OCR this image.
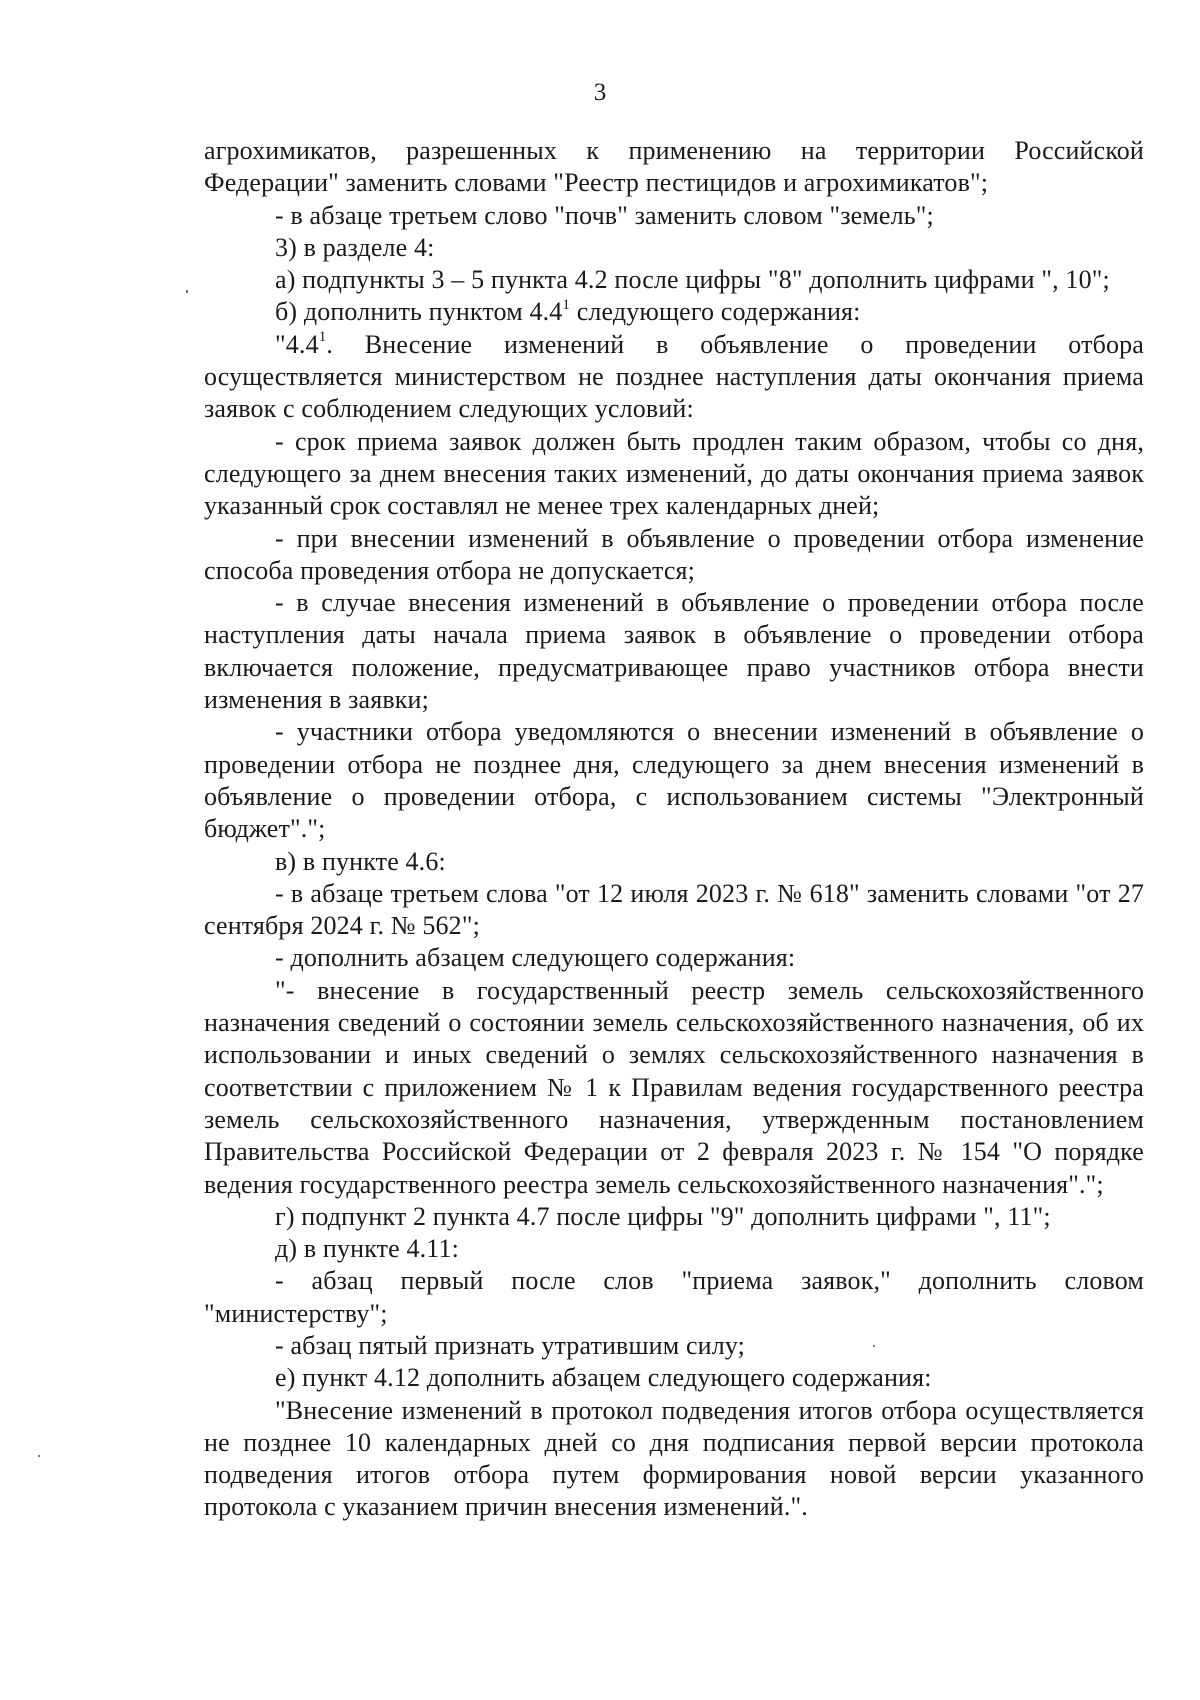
3

агрохимикатов, разрешенных к применению на территории Российской Федерации" заменить словами "Реестр пестицидов и агрохимикатов";

- в абзаце третьем слово "почв" заменить словом "земель";

3) в разделе 4:

а) подпункты 3 – 5 пункта 4.2 после цифры "8" дополнить цифрами ", 10";

б) дополнить пунктом $4.4^1$ следующего содержания:

"$4.4^1$. Внесение изменений в объявление о проведении отбора осуществляется министерством не позднее наступления даты окончания приема заявок с соблюдением следующих условий:

- срок приема заявок должен быть продлен таким образом, чтобы со дня, следующего за днем внесения таких изменений, до даты окончания приема заявок указанный срок составлял не менее трех календарных дней;

- при внесении изменений в объявление о проведении отбора изменение способа проведения отбора не допускается;

- в случае внесения изменений в объявление о проведении отбора после наступления даты начала приема заявок в объявление о проведении отбора включается положение, предусматривающее право участников отбора внести изменения в заявки;

- участники отбора уведомляются о внесении изменений в объявление о проведении отбора не позднее дня, следующего за днем внесения изменений в объявление о проведении отбора, с использованием системы "Электронный бюджет".";

в) в пункте 4.6:

- в абзаце третьем слова "от 12 июля 2023 г. № 618" заменить словами "от 27 сентября 2024 г. № 562";

- дополнить абзацем следующего содержания:

"- внесение в государственный реестр земель сельскохозяйственного назначения сведений о состоянии земель сельскохозяйственного назначения, об их использовании и иных сведений о землях сельскохозяйственного назначения в соответствии с приложением № 1 к Правилам ведения государственного реестра земель сельскохозяйственного назначения, утвержденным постановлением Правительства Российской Федерации от 2 февраля 2023 г. № 154 "О порядке ведения государственного реестра земель сельскохозяйственного назначения".";

г) подпункт 2 пункта 4.7 после цифры "9" дополнить цифрами ", 11";

д) в пункте 4.11:

- абзац первый после слов "приема заявок," дополнить словом "министерству";

- абзац пятый признать утратившим силу;

е) пункт 4.12 дополнить абзацем следующего содержания:

"Внесение изменений в протокол подведения итогов отбора осуществляется не позднее 10 календарных дней со дня подписания первой версии протокола подведения итогов отбора путем формирования новой версии указанного протокола с указанием причин внесения изменений.".
